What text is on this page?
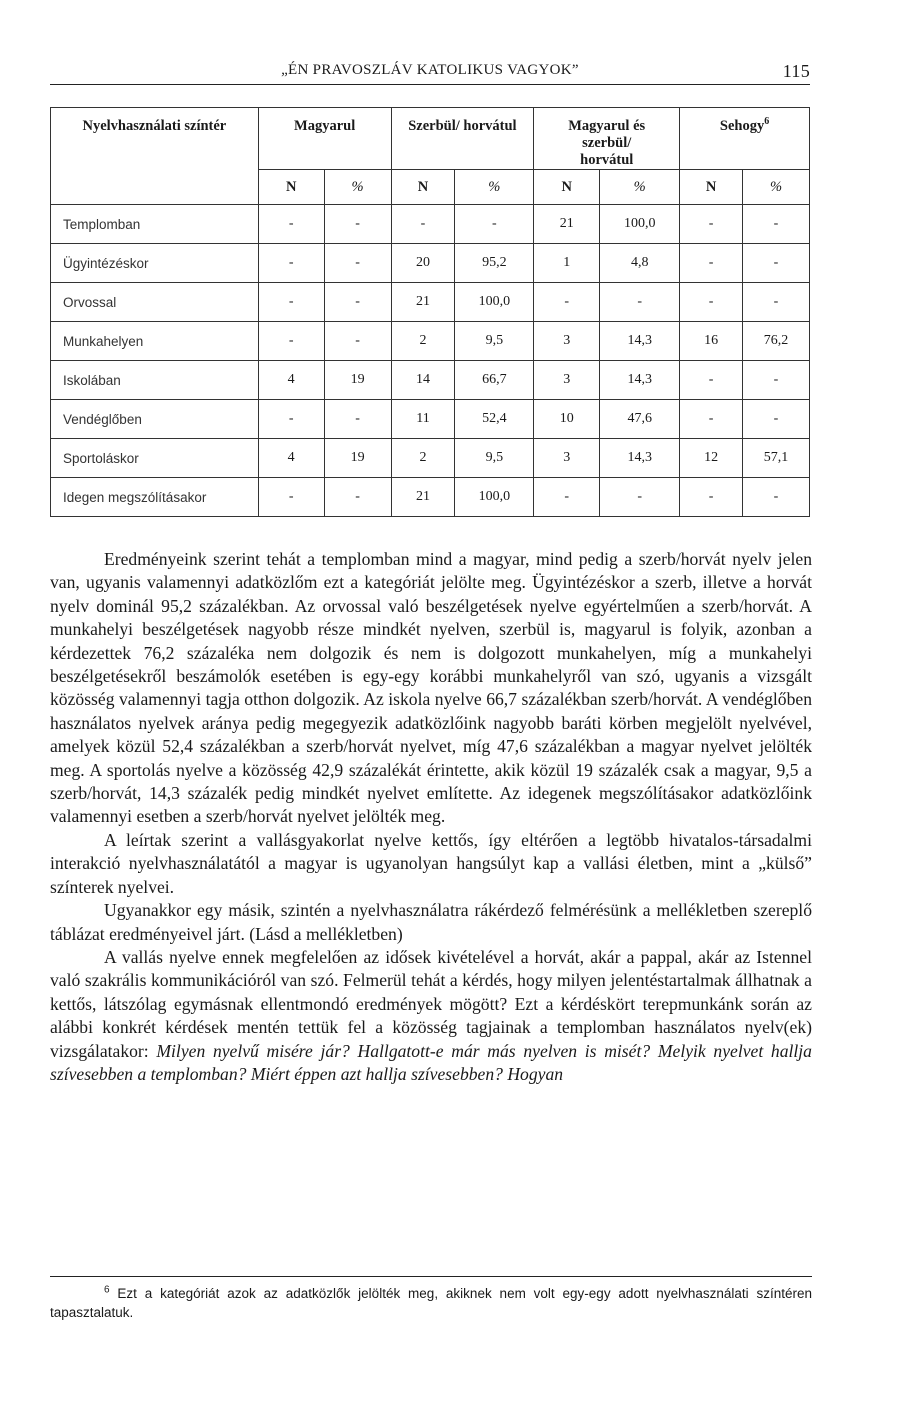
„ÉN PRAVOSZLÁV KATOLIKUS VAGYOK”	115
Nyelvhasználati színtér	Magyarul		Szerbül/ horvátul		Magyarul és szerbül/ horvátul		Sehogy$^6$
	N	%	N	%	N	%	N	%
Templomban	-	-	-	-	21	100,0	-	-
Ügyintézéskor	-	-	20	95,2	1	4,8	-	-
Orvossal	-	-	21	100,0	-	-	-	-
Munkahelyen	-	-	2	9,5	3	14,3	16	76,2
Iskolában	4	19	14	66,7	3	14,3	-	-
Vendéglőben	-	-	11	52,4	10	47,6	-	-
Sportoláskor	4	19	2	9,5	3	14,3	12	57,1
Idegen megszólításakor	-	-	21	100,0	-	-	-	-

Eredményeink szerint tehát a templomban mind a magyar, mind pedig a szerb/horvát nyelv jelen van, ugyanis valamennyi adatközlőm ezt a kategóriát jelölte meg. Ügyintézéskor a szerb, illetve a horvát nyelv dominál 95,2 százalékban. Az orvossal való beszélgetések nyelve egyértelműen a szerb/horvát. A munkahelyi beszélgetések nagyobb része mindkét nyelven, szerbül is, magyarul is folyik, azonban a kérdezettek 76,2 százaléka nem dolgozik és nem is dolgozott munkahelyen, míg a munkahelyi beszélgetésekről beszámolók esetében is egy-egy korábbi munkahelyről van szó, ugyanis a vizsgált közösség valamennyi tagja otthon dolgozik. Az iskola nyelve 66,7 százalékban szerb/horvát. A vendéglőben használatos nyelvek aránya pedig megegyezik adatközlőink nagyobb baráti körben megjelölt nyelvével, amelyek közül 52,4 százalékban a szerb/horvát nyelvet, míg 47,6 százalékban a magyar nyelvet jelölték meg. A sportolás nyelve a közösség 42,9 százalékát érintette, akik közül 19 százalék csak a magyar, 9,5 a szerb/horvát, 14,3 százalék pedig mindkét nyelvet említette. Az idegenek megszólításakor adatközlőink valamennyi esetben a szerb/horvát nyelvet jelölték meg.

A leírtak szerint a vallásgyakorlat nyelve kettős, így eltérően a legtöbb hivatalos-társadalmi interakció nyelvhasználatától a magyar is ugyanolyan hangsúlyt kap a vallási életben, mint a „külső” színterek nyelvei.

Ugyanakkor egy másik, szintén a nyelvhasználatra rákérdező felmérésünk a mellékletben szereplő táblázat eredményeivel járt. (Lásd a mellékletben)

A vallás nyelve ennek megfelelően az idősek kivételével a horvát, akár a pappal, akár az Istennel való szakrális kommunikációról van szó. Felmerül tehát a kérdés, hogy milyen jelentéstartalmak állhatnak a kettős, látszólag egymásnak ellentmondó eredmények mögött? Ezt a kérdéskört terepmunkánk során az alábbi konkrét kérdések mentén tettük fel a közösség tagjainak a templomban használatos nyelv(ek) vizsgálatakor: Milyen nyelvű misére jár? Hallgatott-e már más nyelven is misét? Melyik nyelvet hallja szívesebben a templomban? Miért éppen azt hallja szívesebben? Hogyan

$^6$ Ezt a kategóriát azok az adatközlők jelölték meg, akiknek nem volt egy-egy adott nyelvhasználati színtéren tapasztalatuk.
